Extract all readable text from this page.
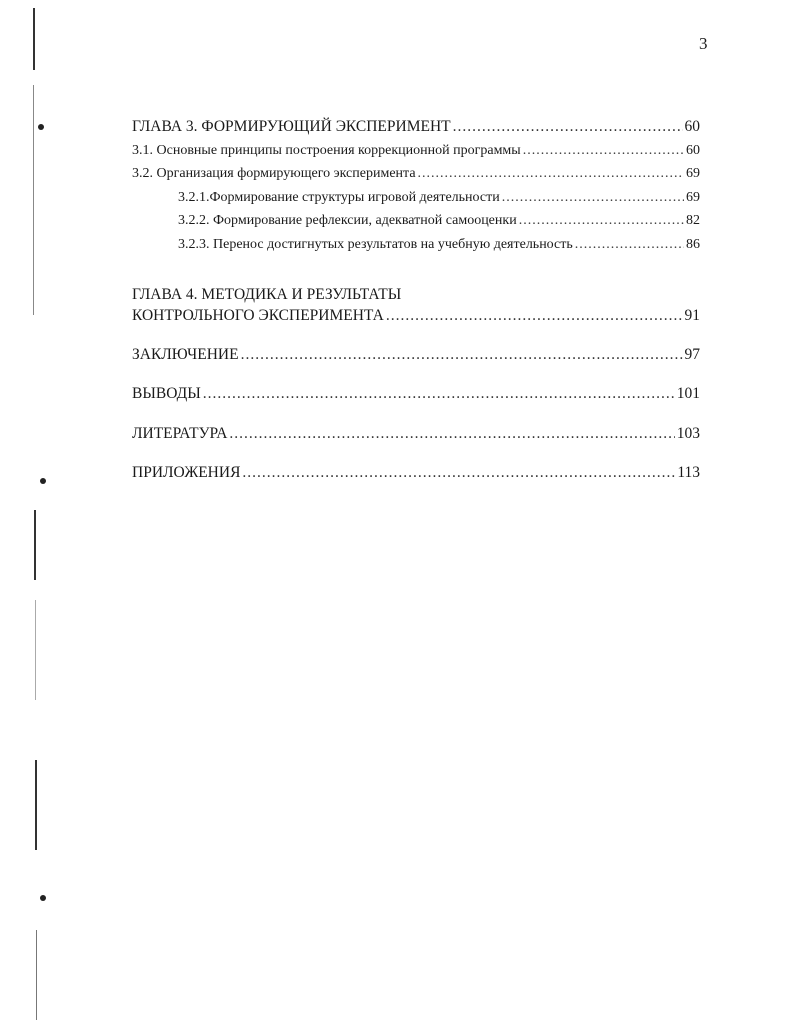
3
ГЛАВА 3. ФОРМИРУЮЩИЙ ЭКСПЕРИМЕНТ .....	60
3.1. Основные принципы построения коррекционной программы .....	60
3.2. Организация формирующего эксперимента .....	69
3.2.1.Формирование структуры игровой деятельности .....	69
3.2.2. Формирование рефлексии, адекватной самооценки .....	82
3.2.3. Перенос достигнутых результатов на учебную деятельность .....	86
ГЛАВА 4. МЕТОДИКА И РЕЗУЛЬТАТЫ
КОНТРОЛЬНОГО ЭКСПЕРИМЕНТА .....	91
ЗАКЛЮЧЕНИЕ .....	97
ВЫВОДЫ .....	101
ЛИТЕРАТУРА .....	103
ПРИЛОЖЕНИЯ .....	113
